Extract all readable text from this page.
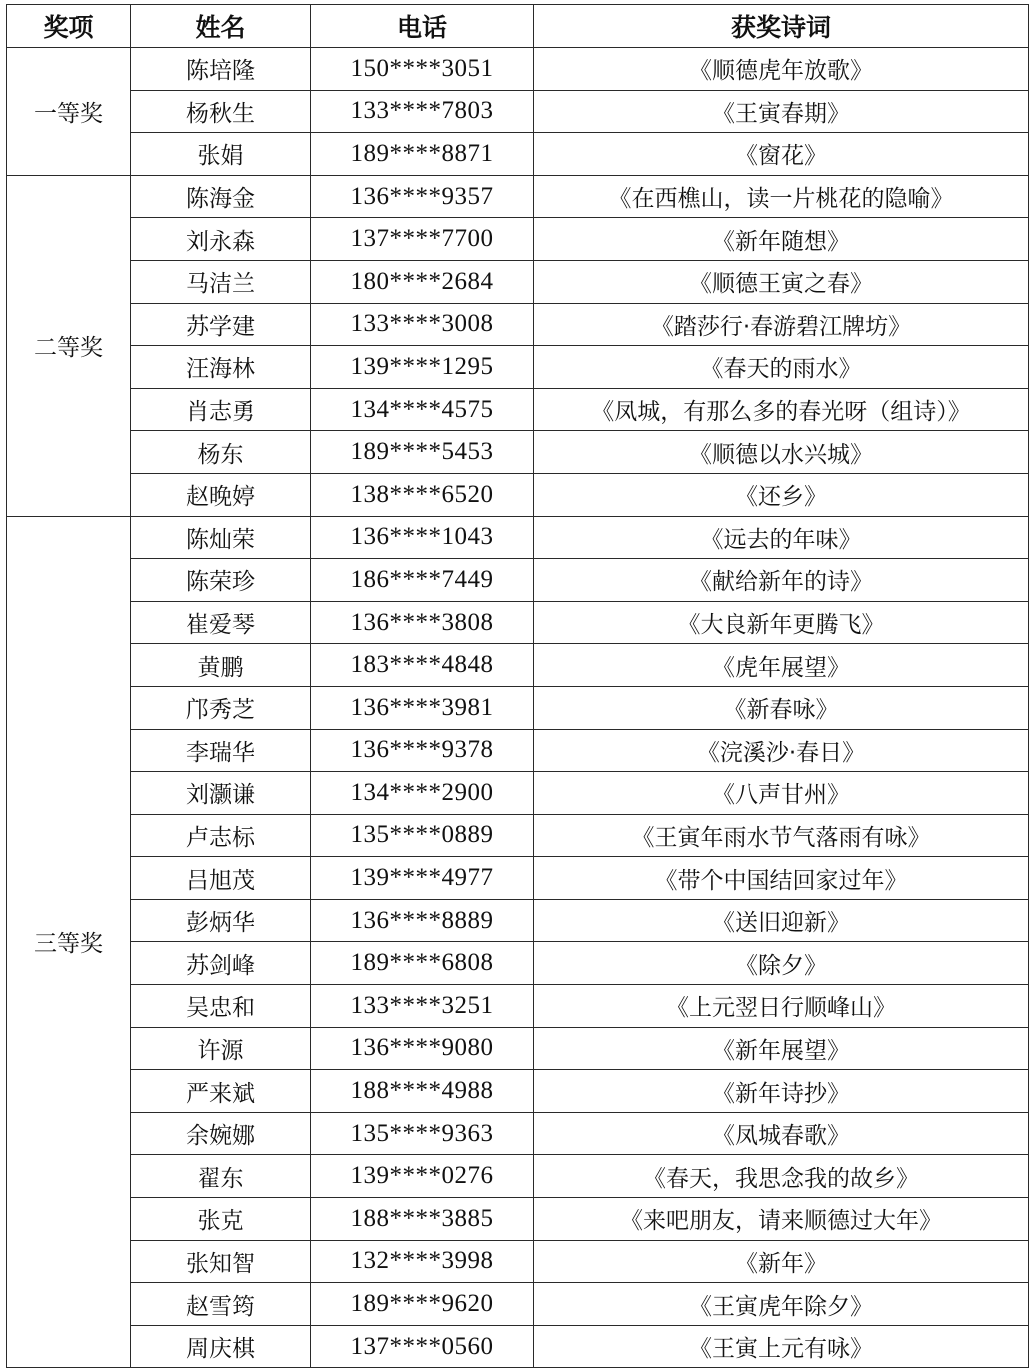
奖项	姓名	电话	获奖诗词
一等奖	陈培隆	150****3051	《顺德虎年放歌》
	杨秋生	133****7803	《王寅春期》
	张娟	189****8871	《窗花》
二等奖	陈海金	136****9357	《在西樵山，读一片桃花的隐喻》
	刘永森	137****7700	《新年随想》
	马洁兰	180****2684	《顺德王寅之春》
	苏学建	133****3008	《踏莎行·春游碧江牌坊》
	汪海林	139****1295	《春天的雨水》
	肖志勇	134****4575	《凤城，有那么多的春光呀（组诗）》
	杨东	189****5453	《顺德以水兴城》
	赵晚婷	138****6520	《还乡》
三等奖	陈灿荣	136****1043	《远去的年味》
	陈荣珍	186****7449	《献给新年的诗》
	崔爱琴	136****3808	《大良新年更腾飞》
	黄鹏	183****4848	《虎年展望》
	邝秀芝	136****3981	《新春咏》
	李瑞华	136****9378	《浣溪沙·春日》
	刘灏谦	134****2900	《八声甘州》
	卢志标	135****0889	《王寅年雨水节气落雨有咏》
	吕旭茂	139****4977	《带个中国结回家过年》
	彭炳华	136****8889	《送旧迎新》
	苏剑峰	189****6808	《除夕》
	吴忠和	133****3251	《上元翌日行顺峰山》
	许源	136****9080	《新年展望》
	严来斌	188****4988	《新年诗抄》
	余婉娜	135****9363	《凤城春歌》
	翟东	139****0276	《春天，我思念我的故乡》
	张克	188****3885	《来吧朋友，请来顺德过大年》
	张知智	132****3998	《新年》
	赵雪筠	189****9620	《王寅虎年除夕》
	周庆棋	137****0560	《王寅上元有咏》
